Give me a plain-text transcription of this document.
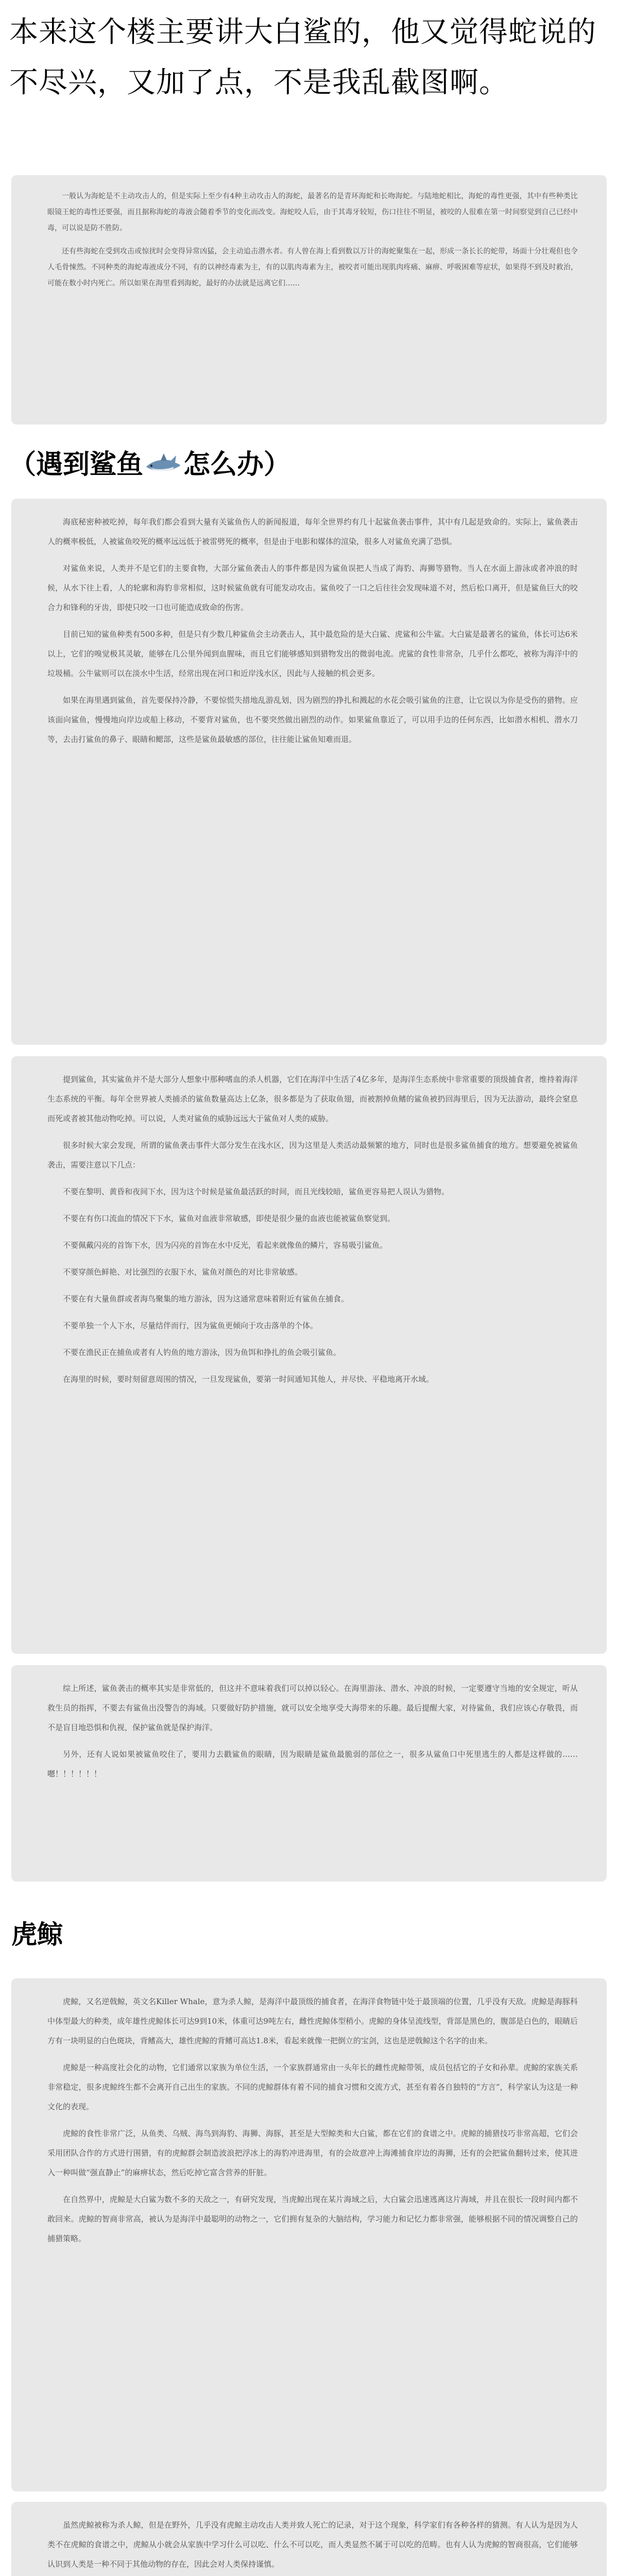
本来这个楼主要讲大白鲨的，他又觉得蛇说的不尽兴，又加了点，不是我乱截图啊。

一般认为海蛇是不主动攻击人的，但是实际上至少有4种主动攻击人的海蛇，最著名的是青环海蛇和长吻海蛇。与陆地蛇相比，海蛇的毒性更强，其中有些种类比眼镜王蛇的毒性还要强，而且据称海蛇的毒液会随着季节的变化而改变。海蛇咬人后，由于其毒牙较短，伤口往往不明显，被咬的人很难在第一时间察觉到自己已经中毒，可以说是防不胜防。

还有些海蛇在受到攻击或惊扰时会变得异常凶猛，会主动追击潜水者。有人曾在海上看到数以万计的海蛇聚集在一起，形成一条长长的蛇带，场面十分壮观但也令人毛骨悚然。不同种类的海蛇毒液成分不同，有的以神经毒素为主，有的以肌肉毒素为主，被咬者可能出现肌肉疼痛、麻痹、呼吸困难等症状，如果得不到及时救治，可能在数小时内死亡。所以如果在海里看到海蛇，最好的办法就是远离它们……

（遇到鲨鱼 怎么办）

海底秘密种被吃掉，每年我们都会看到大量有关鲨鱼伤人的新闻报道，每年全世界约有几十起鲨鱼袭击事件，其中有几起是致命的。实际上，鲨鱼袭击人的概率极低，人被鲨鱼咬死的概率远远低于被雷劈死的概率，但是由于电影和媒体的渲染，很多人对鲨鱼充满了恐惧。

对鲨鱼来说，人类并不是它们的主要食物，大部分鲨鱼袭击人的事件都是因为鲨鱼误把人当成了海豹、海狮等猎物。当人在水面上游泳或者冲浪的时候，从水下往上看，人的轮廓和海豹非常相似，这时候鲨鱼就有可能发动攻击。鲨鱼咬了一口之后往往会发现味道不对，然后松口离开，但是鲨鱼巨大的咬合力和锋利的牙齿，即使只咬一口也可能造成致命的伤害。

目前已知的鲨鱼种类有500多种，但是只有少数几种鲨鱼会主动袭击人，其中最危险的是大白鲨、虎鲨和公牛鲨。大白鲨是最著名的鲨鱼，体长可达6米以上，它们的嗅觉极其灵敏，能够在几公里外闻到血腥味，而且它们能够感知到猎物发出的微弱电流。虎鲨的食性非常杂，几乎什么都吃，被称为海洋中的垃圾桶。公牛鲨则可以在淡水中生活，经常出现在河口和近岸浅水区，因此与人接触的机会更多。

如果在海里遇到鲨鱼，首先要保持冷静，不要惊慌失措地乱游乱划，因为剧烈的挣扎和溅起的水花会吸引鲨鱼的注意，让它误以为你是受伤的猎物。应该面向鲨鱼，慢慢地向岸边或船上移动，不要背对鲨鱼，也不要突然做出剧烈的动作。如果鲨鱼靠近了，可以用手边的任何东西，比如潜水相机、潜水刀等，去击打鲨鱼的鼻子、眼睛和鳃部，这些是鲨鱼最敏感的部位，往往能让鲨鱼知难而退。

提到鲨鱼，其实鲨鱼并不是大部分人想象中那种嗜血的杀人机器，它们在海洋中生活了4亿多年，是海洋生态系统中非常重要的顶级捕食者，维持着海洋生态系统的平衡。每年全世界被人类捕杀的鲨鱼数量高达上亿条，很多都是为了获取鱼翅，而被割掉鱼鳍的鲨鱼被扔回海里后，因为无法游动，最终会窒息而死或者被其他动物吃掉。可以说，人类对鲨鱼的威胁远远大于鲨鱼对人类的威胁。

很多时候大家会发现，所谓的鲨鱼袭击事件大部分发生在浅水区，因为这里是人类活动最频繁的地方，同时也是很多鲨鱼捕食的地方。想要避免被鲨鱼袭击，需要注意以下几点：

不要在黎明、黄昏和夜间下水，因为这个时候是鲨鱼最活跃的时间，而且光线较暗，鲨鱼更容易把人误认为猎物。

不要在有伤口流血的情况下下水，鲨鱼对血液非常敏感，即使是很少量的血液也能被鲨鱼察觉到。

不要佩戴闪亮的首饰下水，因为闪亮的首饰在水中反光，看起来就像鱼的鳞片，容易吸引鲨鱼。

不要穿颜色鲜艳、对比强烈的衣服下水，鲨鱼对颜色的对比非常敏感。

不要在有大量鱼群或者海鸟聚集的地方游泳，因为这通常意味着附近有鲨鱼在捕食。

不要单独一个人下水，尽量结伴而行，因为鲨鱼更倾向于攻击落单的个体。

不要在渔民正在捕鱼或者有人钓鱼的地方游泳，因为鱼饵和挣扎的鱼会吸引鲨鱼。

在海里的时候，要时刻留意周围的情况，一旦发现鲨鱼，要第一时间通知其他人，并尽快、平稳地离开水域。

综上所述，鲨鱼袭击的概率其实是非常低的，但这并不意味着我们可以掉以轻心。在海里游泳、潜水、冲浪的时候，一定要遵守当地的安全规定，听从救生员的指挥，不要去有鲨鱼出没警告的海域。只要做好防护措施，就可以安全地享受大海带来的乐趣。最后提醒大家，对待鲨鱼，我们应该心存敬畏，而不是盲目地恐惧和仇视，保护鲨鱼就是保护海洋。

另外，还有人说如果被鲨鱼咬住了，要用力去戳鲨鱼的眼睛，因为眼睛是鲨鱼最脆弱的部位之一，很多从鲨鱼口中死里逃生的人都是这样做的…… 嗯！！！！！！

虎鲸

虎鲸，又名逆戟鲸，英文名Killer Whale，意为杀人鲸，是海洋中最顶级的捕食者，在海洋食物链中处于最顶端的位置，几乎没有天敌。虎鲸是海豚科中体型最大的种类，成年雄性虎鲸体长可达9到10米，体重可达9吨左右，雌性虎鲸体型稍小。虎鲸的身体呈流线型，背部是黑色的，腹部是白色的，眼睛后方有一块明显的白色斑块，背鳍高大，雄性虎鲸的背鳍可高达1.8米，看起来就像一把倒立的宝剑，这也是逆戟鲸这个名字的由来。

虎鲸是一种高度社会化的动物，它们通常以家族为单位生活，一个家族群通常由一头年长的雌性虎鲸带领，成员包括它的子女和孙辈。虎鲸的家族关系非常稳定，很多虎鲸终生都不会离开自己出生的家族。不同的虎鲸群体有着不同的捕食习惯和交流方式，甚至有着各自独特的“方言”，科学家认为这是一种文化的表现。

虎鲸的食性非常广泛，从鱼类、乌贼、海鸟到海豹、海狮、海豚，甚至是大型鲸类和大白鲨，都在它们的食谱之中。虎鲸的捕猎技巧非常高超，它们会采用团队合作的方式进行围猎，有的虎鲸群会制造波浪把浮冰上的海豹冲进海里，有的会故意冲上海滩捕食岸边的海狮，还有的会把鲨鱼翻转过来，使其进入一种叫做“强直静止”的麻痹状态，然后吃掉它富含营养的肝脏。

在自然界中，虎鲸是大白鲨为数不多的天敌之一，有研究发现，当虎鲸出现在某片海域之后，大白鲨会迅速逃离这片海域，并且在很长一段时间内都不敢回来。虎鲸的智商非常高，被认为是海洋中最聪明的动物之一，它们拥有复杂的大脑结构，学习能力和记忆力都非常强，能够根据不同的情况调整自己的捕猎策略。

虽然虎鲸被称为杀人鲸，但是在野外，几乎没有虎鲸主动攻击人类并致人死亡的记录，对于这个现象，科学家们有各种各样的猜测。有人认为是因为人类不在虎鲸的食谱之中，虎鲸从小就会从家族中学习什么可以吃、什么不可以吃，而人类显然不属于可以吃的范畴。也有人认为虎鲸的智商很高，它们能够认识到人类是一种不同于其他动物的存在，因此会对人类保持谨慎。
